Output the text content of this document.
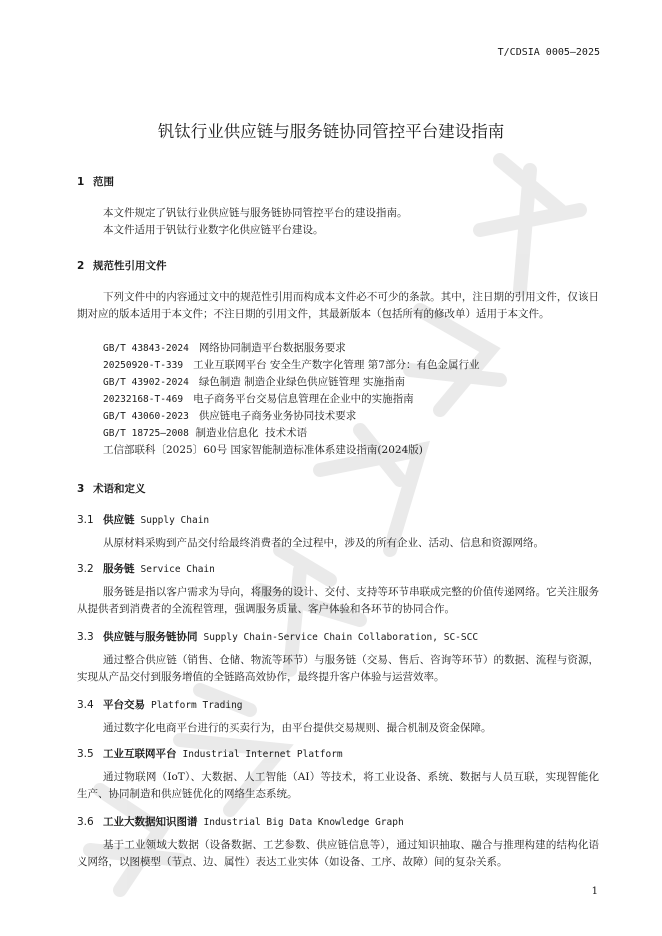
T/CDSIA 0005—2025
钒钛行业供应链与服务链协同管控平台建设指南
1 范围
本文件规定了钒钛行业供应链与服务链协同管控平台的建设指南。
本文件适用于钒钛行业数字化供应链平台建设。
2 规范性引用文件
下列文件中的内容通过文中的规范性引用而构成本文件必不可少的条款。其中，注日期的引用文件，仅该日期对应的版本适用于本文件；不注日期的引用文件，其最新版本（包括所有的修改单）适用于本文件。
GB/T 43843-2024 网络协同制造平台数据服务要求
20250920-T-339 工业互联网平台 安全生产数字化管理 第7部分：有色金属行业
GB/T 43902-2024 绿色制造 制造企业绿色供应链管理 实施指南
20232168-T-469 电子商务平台交易信息管理在企业中的实施指南
GB/T 43060-2023 供应链电子商务业务协同技术要求
GB/T 18725—2008 制造业信息化  技术术语
工信部联科〔2025〕60号 国家智能制造标准体系建设指南(2024版)
3 术语和定义
3.1 供应链 Supply Chain
从原材料采购到产品交付给最终消费者的全过程中，涉及的所有企业、活动、信息和资源网络。
3.2 服务链 Service Chain
服务链是指以客户需求为导向，将服务的设计、交付、支持等环节串联成完整的价值传递网络。它关注服务从提供者到消费者的全流程管理，强调服务质量、客户体验和各环节的协同合作。
3.3 供应链与服务链协同 Supply Chain-Service Chain Collaboration, SC-SCC
通过整合供应链（销售、仓储、物流等环节）与服务链（交易、售后、咨询等环节）的数据、流程与资源，实现从产品交付到服务增值的全链路高效协作，最终提升客户体验与运营效率。
3.4 平台交易 Platform Trading
通过数字化电商平台进行的买卖行为，由平台提供交易规则、撮合机制及资金保障。
3.5 工业互联网平台 Industrial Internet Platform
通过物联网（IoT）、大数据、人工智能（AI）等技术，将工业设备、系统、数据与人员互联，实现智能化生产、协同制造和供应链优化的网络生态系统。
3.6 工业大数据知识图谱 Industrial Big Data Knowledge Graph
基于工业领域大数据（设备数据、工艺参数、供应链信息等），通过知识抽取、融合与推理构建的结构化语义网络，以图模型（节点、边、属性）表达工业实体（如设备、工序、故障）间的复杂关系。
1
